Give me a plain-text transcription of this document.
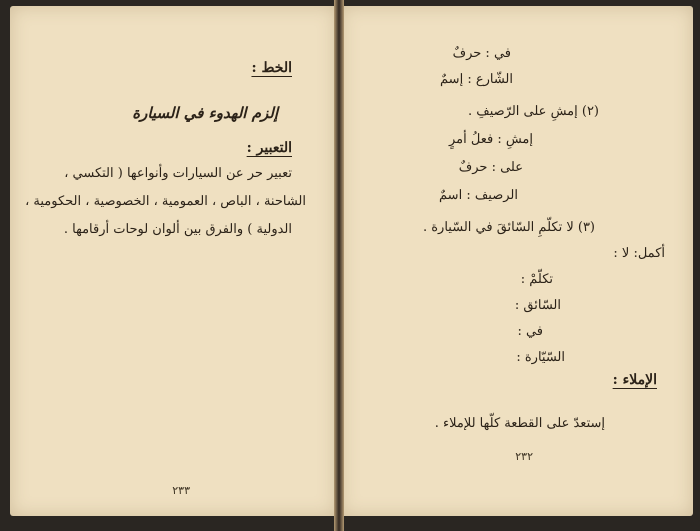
الخط :
إلزم الهدوء في السيارة
التعبير :
تعبير حر عن السيارات وأنواعها ( التكسي ،
الشاحنة ، الباص ، العمومية ، الخصوصية ، الحكومية ،
الدولية ) والفرق بين ألوان لوحات أرقامها .
٢٣٣
في : حرفٌ
الشّارع : إسمٌ
(٢) إمشِ على الرّصيفِ .
إمشِ : فعلُ أمرٍ
على : حرفٌ
الرصيف : اسمٌ
(٣) لا تكلّمِ السّائقَ في السّيارة .
أكمل: لا :
تكلّمْ :
السّائق :
في :
السّيّارة :
الإملاء :
إستعدّ على القطعة كلّها للإملاء .
٢٣٢
